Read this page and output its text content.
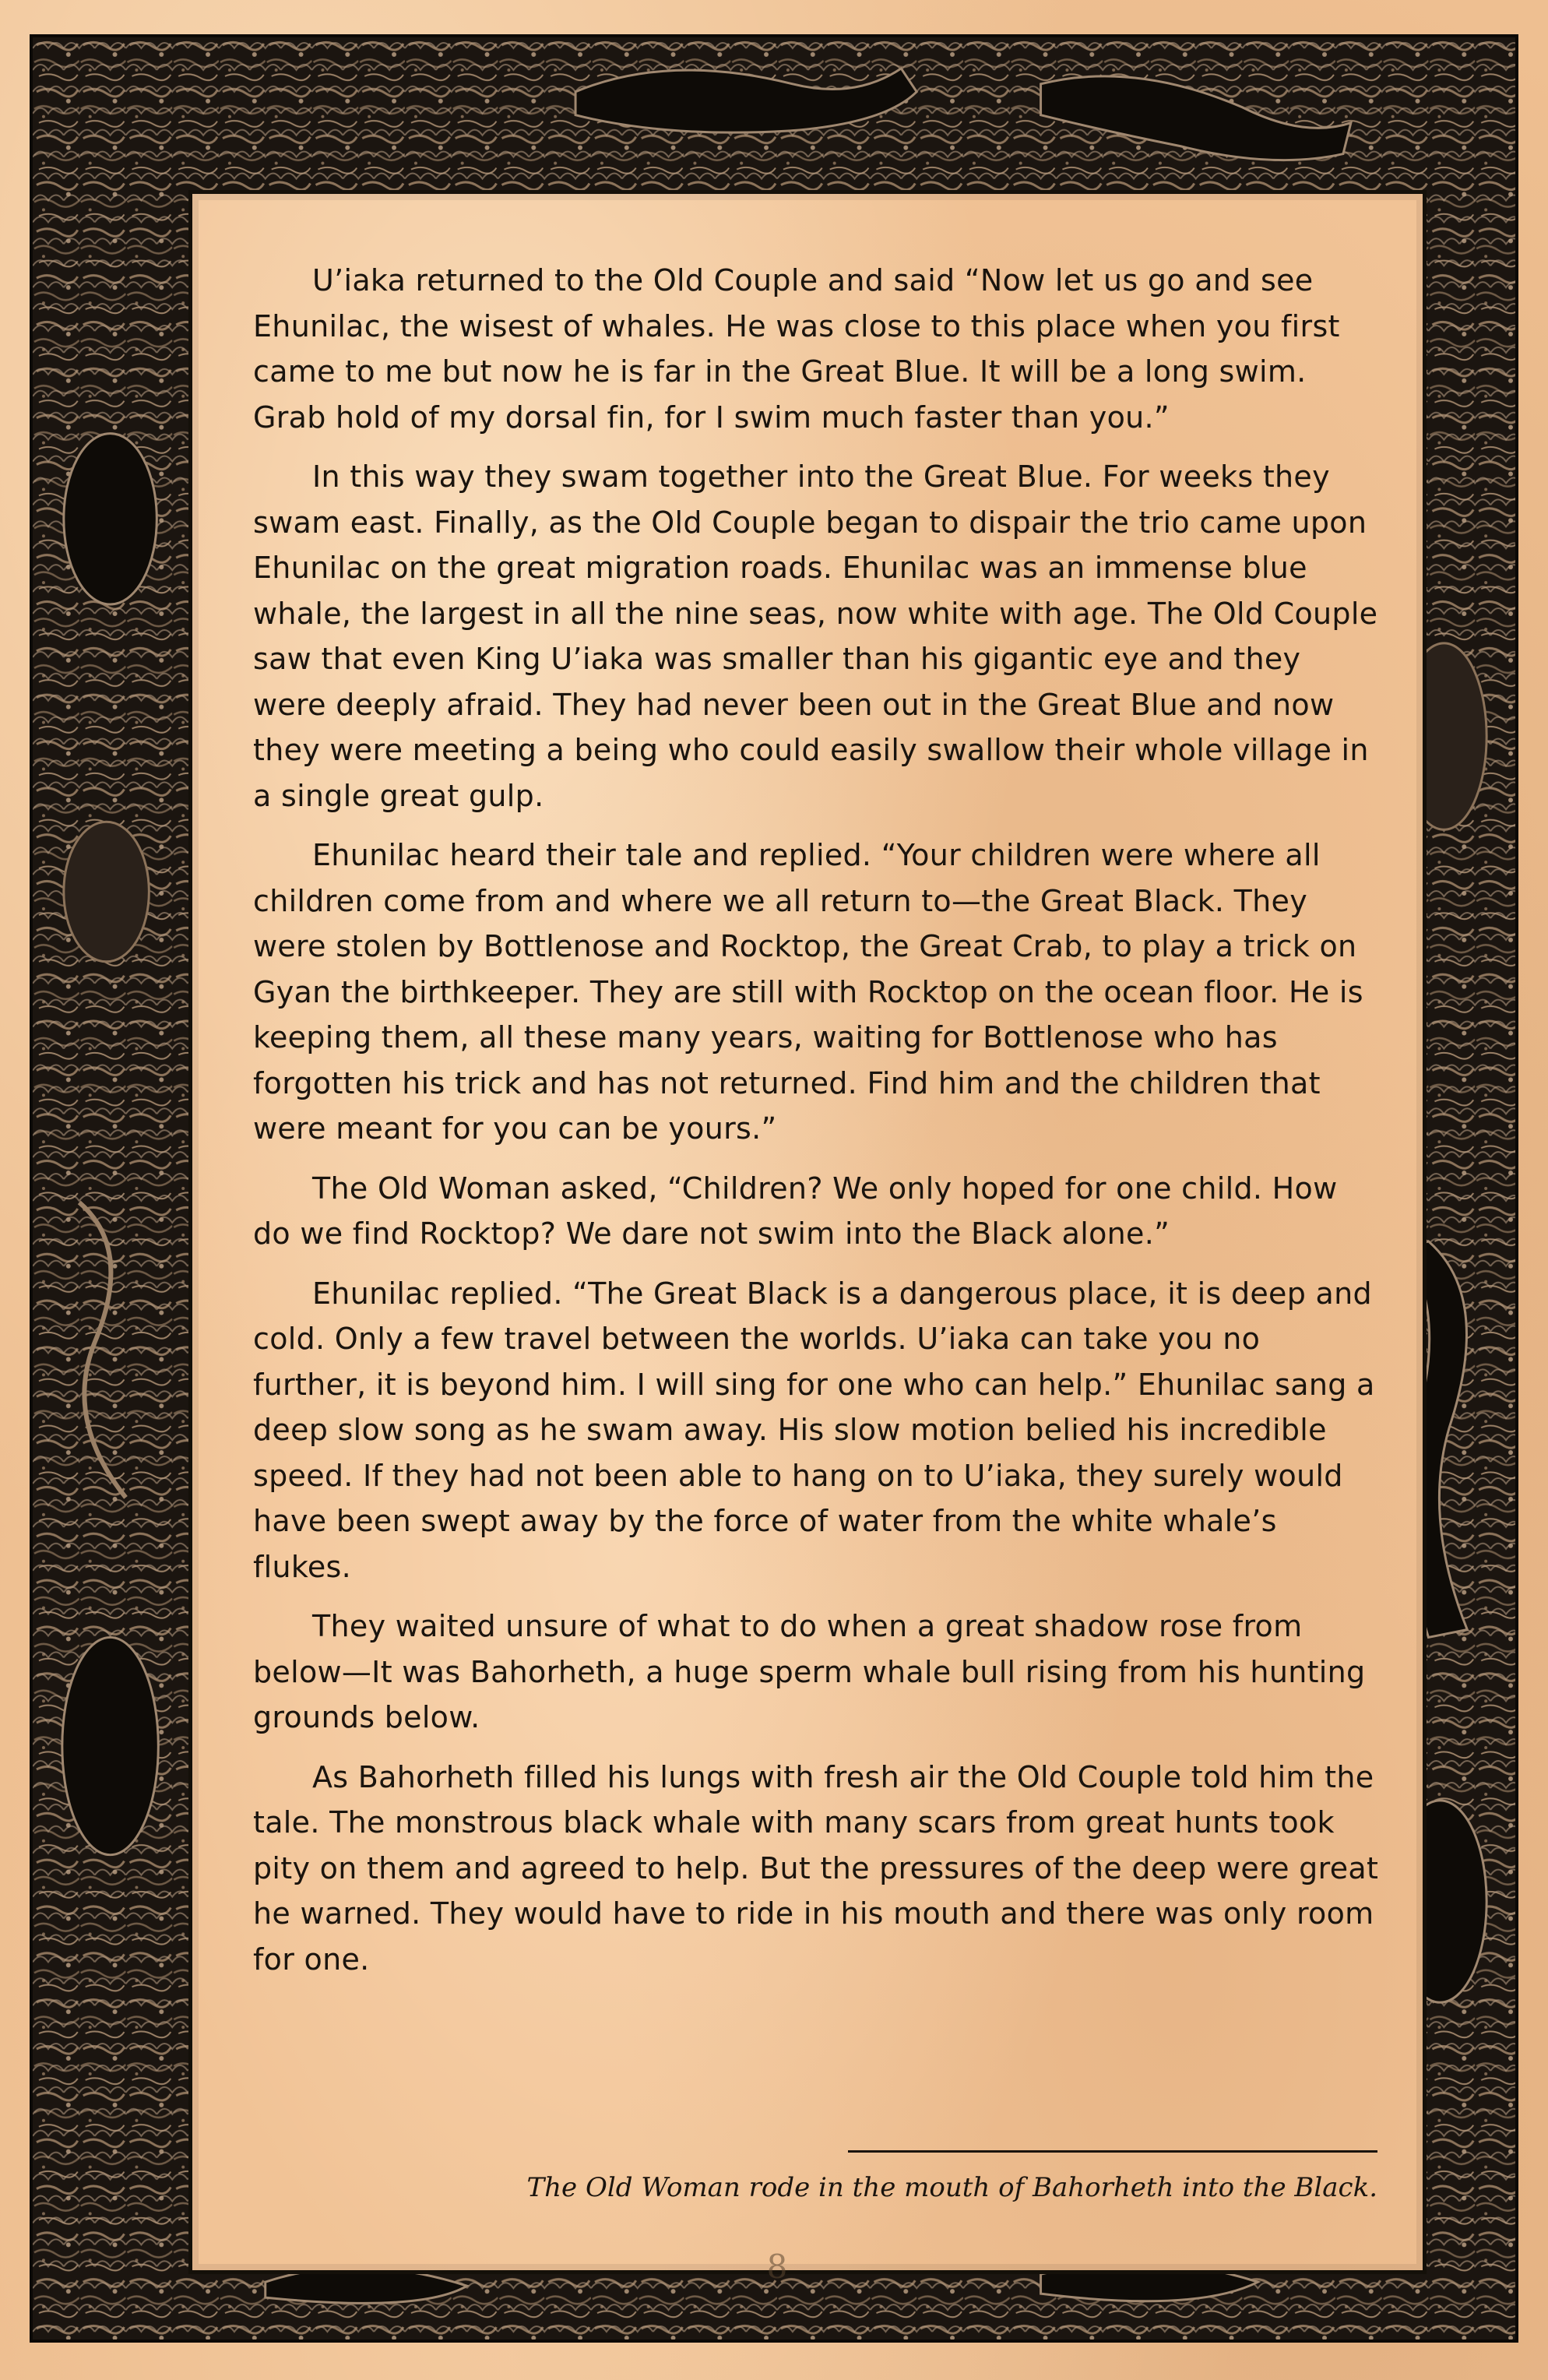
U’iaka returned to the Old Couple and said “Now let us go and see Ehunilac, the wisest of whales. He was close to this place when you first came to me but now he is far in the Great Blue. It will be a long swim. Grab hold of my dorsal fin, for I swim much faster than you.”

In this way they swam together into the Great Blue. For weeks they swam east. Finally, as the Old Couple began to dispair the trio came upon Ehunilac on the great migration roads. Ehunilac was an immense blue whale, the largest in all the nine seas, now white with age. The Old Couple saw that even King U’iaka was smaller than his gigantic eye and they were deeply afraid. They had never been out in the Great Blue and now they were meeting a being who could easily swallow their whole village in a single great gulp.

Ehunilac heard their tale and replied. “Your children were where all children come from and where we all return to—the Great Black. They were stolen by Bottlenose and Rocktop, the Great Crab, to play a trick on Gyan the birthkeeper. They are still with Rocktop on the ocean floor. He is keeping them, all these many years, waiting for Bottlenose who has forgotten his trick and has not returned. Find him and the children that were meant for you can be yours.”

The Old Woman asked, “Children? We only hoped for one child. How do we find Rocktop? We dare not swim into the Black alone.”

Ehunilac replied. “The Great Black is a dangerous place, it is deep and cold. Only a few travel between the worlds. U’iaka can take you no further, it is beyond him. I will sing for one who can help.” Ehunilac sang a deep slow song as he swam away. His slow motion belied his incredible speed. If they had not been able to hang on to U’iaka, they surely would have been swept away by the force of water from the white whale’s flukes.

They waited unsure of what to do when a great shadow rose from below—It was Bahorheth, a huge sperm whale bull rising from his hunting grounds below.

As Bahorheth filled his lungs with fresh air the Old Couple told him the tale. The monstrous black whale with many scars from great hunts took pity on them and agreed to help. But the pressures of the deep were great he warned. They would have to ride in his mouth and there was only room for one.

The Old Woman rode in the mouth of Bahorheth into the Black.
8
